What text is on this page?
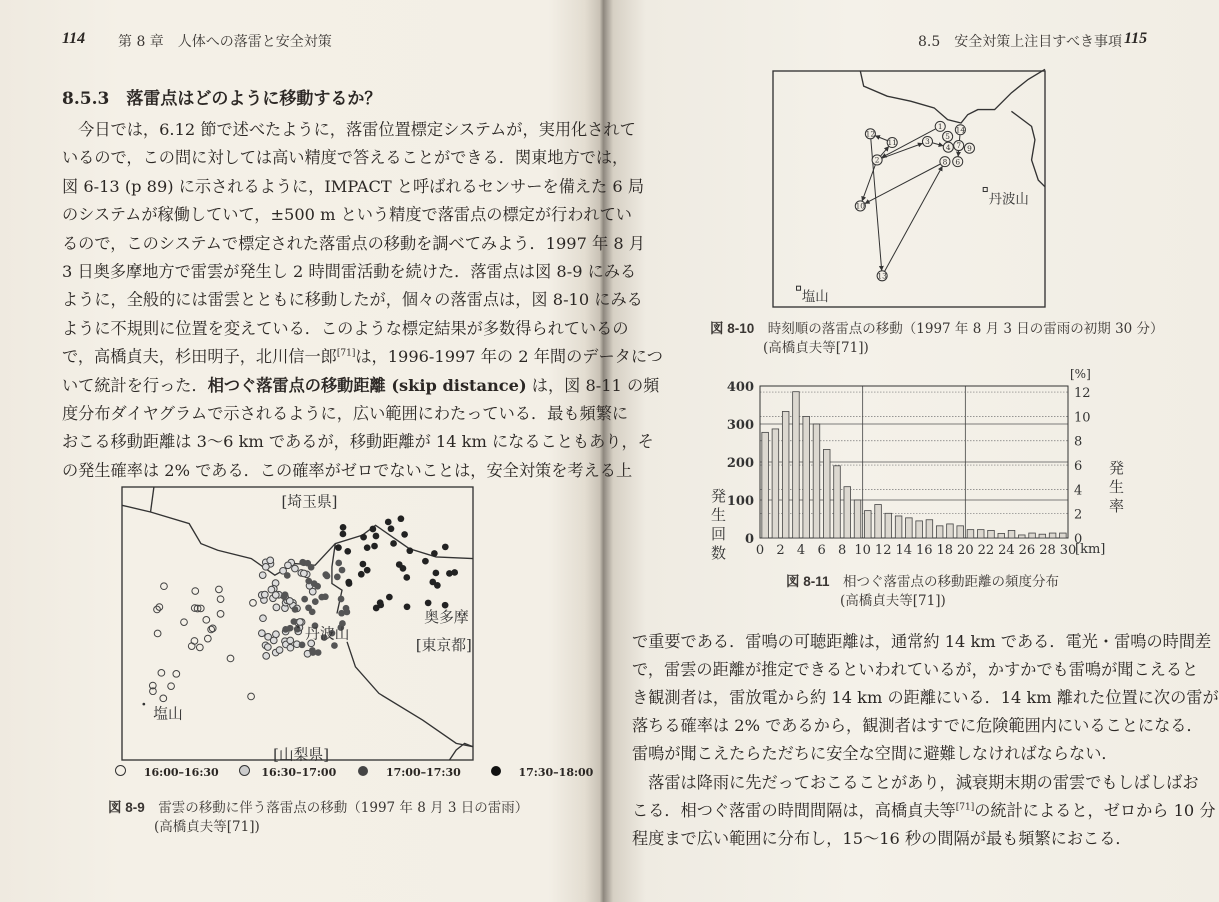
114 第 8 章　人体への落雷と安全対策
8.5.3　落雷点はどのように移動するか？
　今日では，6.12 節で述べたように，落雷位置標定システムが，実用化されて
いるので，この問に対しては高い精度で答えることができる．関東地方では，
図 6-13 (p 89) に示されるように，IMPACT と呼ばれるセンサーを備えた 6 局
のシステムが稼働していて，±500 m という精度で落雷点の標定が行われてい
るので，このシステムで標定された落雷点の移動を調べてみよう．1997 年 8 月
3 日奥多摩地方で雷雲が発生し 2 時間雷活動を続けた．落雷点は図 8-9 にみる
ように，全般的には雷雲とともに移動したが，個々の落雷点は，図 8-10 にみる
ように不規則に位置を変えている．このような標定結果が多数得られているの
で，高橋貞夫，杉田明子，北川信一郎[71]は，1996-1997 年の 2 年間のデータにつ
いて統計を行った．相つぐ落雷点の移動距離 (skip distance) は，図 8-11 の頻
度分布ダイヤグラムで示されるように，広い範囲にわたっている．最も頻繁に
おこる移動距離は 3〜6 km であるが，移動距離が 14 km になることもあり，そ
の発生確率は 2% である．この確率がゼロでないことは，安全対策を考える上
[埼玉県]
奥多摩
[東京都]
丹波山
塩山
[山梨県]
16:00–16:30	16:30–17:00	17:00–17:30	17:30–18:00
図 8-9　 雷雲の移動に伴う落雷点の移動（1997 年 8 月 3 日の雷雨）
(高橋貞夫等[71])
8.5　安全対策上注目すべき事項 115
1
2
3
4
5
6
7
8
9
10
11
12
13
14
丹波山
塩山
図 8-10　 時刻順の落雷点の移動（1997 年 8 月 3 日の雷雨の初期 30 分）
(高橋貞夫等[71])
0
100
200
300
400
0
2
4
6
8
10
12
0 2 4 6 8 10 12 14 16 18 20 22 24 26 28 30
発生回数	発生率
[%]
[km]
図 8-11　 相つぐ落雷点の移動距離の頻度分布
(高橋貞夫等[71])
で重要である．雷鳴の可聴距離は，通常約 14 km である．電光・雷鳴の時間差
で，雷雲の距離が推定できるといわれているが，かすかでも雷鳴が聞こえると
き観測者は，雷放電から約 14 km の距離にいる．14 km 離れた位置に次の雷が
落ちる確率は 2% であるから，観測者はすでに危険範囲内にいることになる．
雷鳴が聞こえたらただちに安全な空間に避難しなければならない．
　落雷は降雨に先だっておこることがあり，減衰期末期の雷雲でもしばしばお
こる．相つぐ落雷の時間間隔は，高橋貞夫等[71]の統計によると，ゼロから 10 分
程度まで広い範囲に分布し，15〜16 秒の間隔が最も頻繁におこる．
